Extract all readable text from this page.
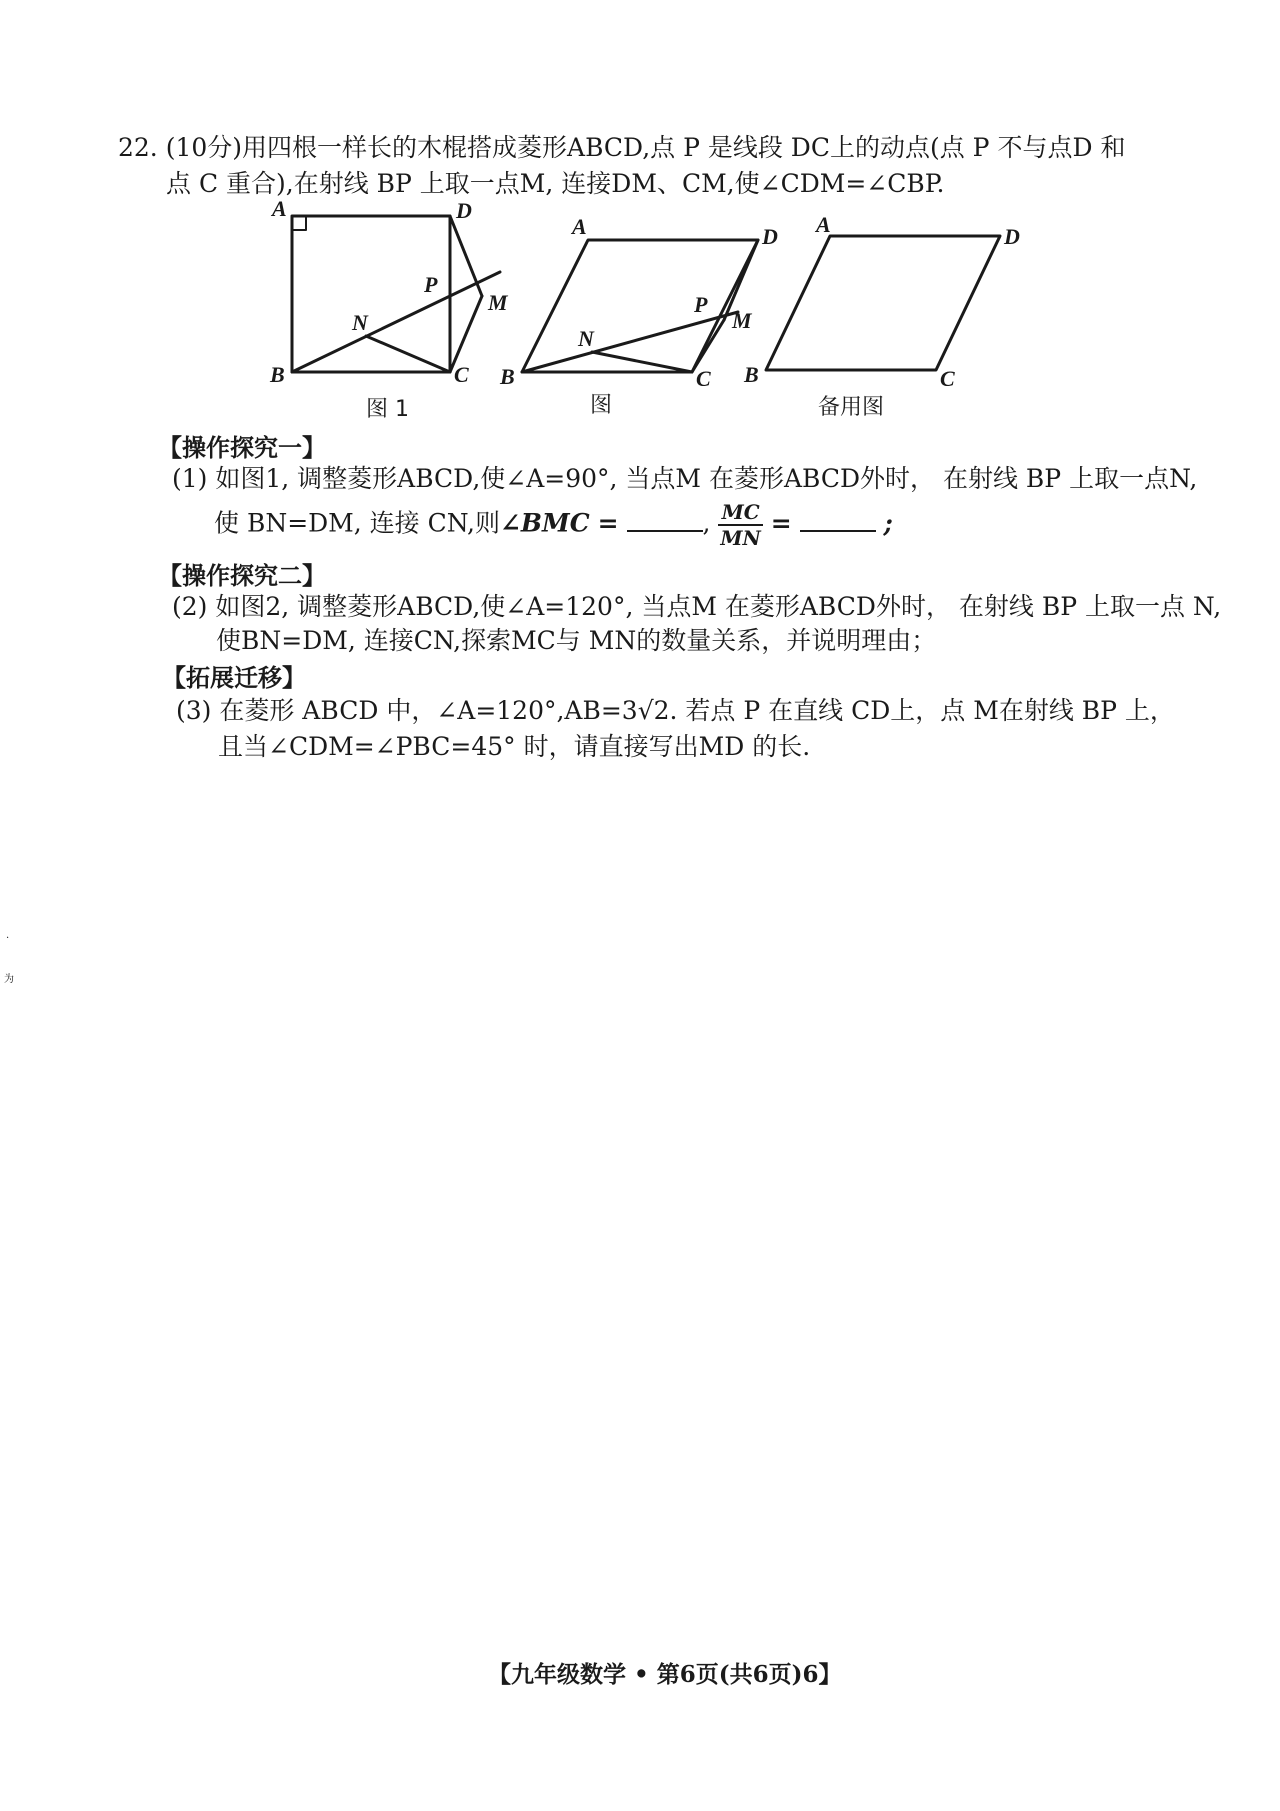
22. (10分)用四根一样长的木棍搭成菱形ABCD,点 P 是线段 DC上的动点(点 P 不与点D 和
点 C 重合),在射线 BP 上取一点M, 连接DM、CM,使∠CDM=∠CBP.
A	D
P
M
N
B	C
A	D
P
M
N
B	C
A	D
B	C
图 1	图	备用图
【操作探究一】
(1) 如图1, 调整菱形ABCD,使∠A=90°, 当点M 在菱形ABCD外时， 在射线 BP 上取一点N,
使 BN=DM, 连接 CN,则∠BMC =	, $\frac{MC}{MN}$ =	;
【操作探究二】
(2) 如图2, 调整菱形ABCD,使∠A=120°, 当点M 在菱形ABCD外时， 在射线 BP 上取一点 N,
使BN=DM, 连接CN,探索MC与 MN的数量关系，并说明理由；
【拓展迁移】
(3) 在菱形 ABCD 中，∠A=120°,AB=3√2. 若点 P 在直线 CD上，点 M在射线 BP 上，
且当∠CDM=∠PBC=45° 时，请直接写出MD 的长.
.
为
【九年级数学 • 第6页(共6页)6】
